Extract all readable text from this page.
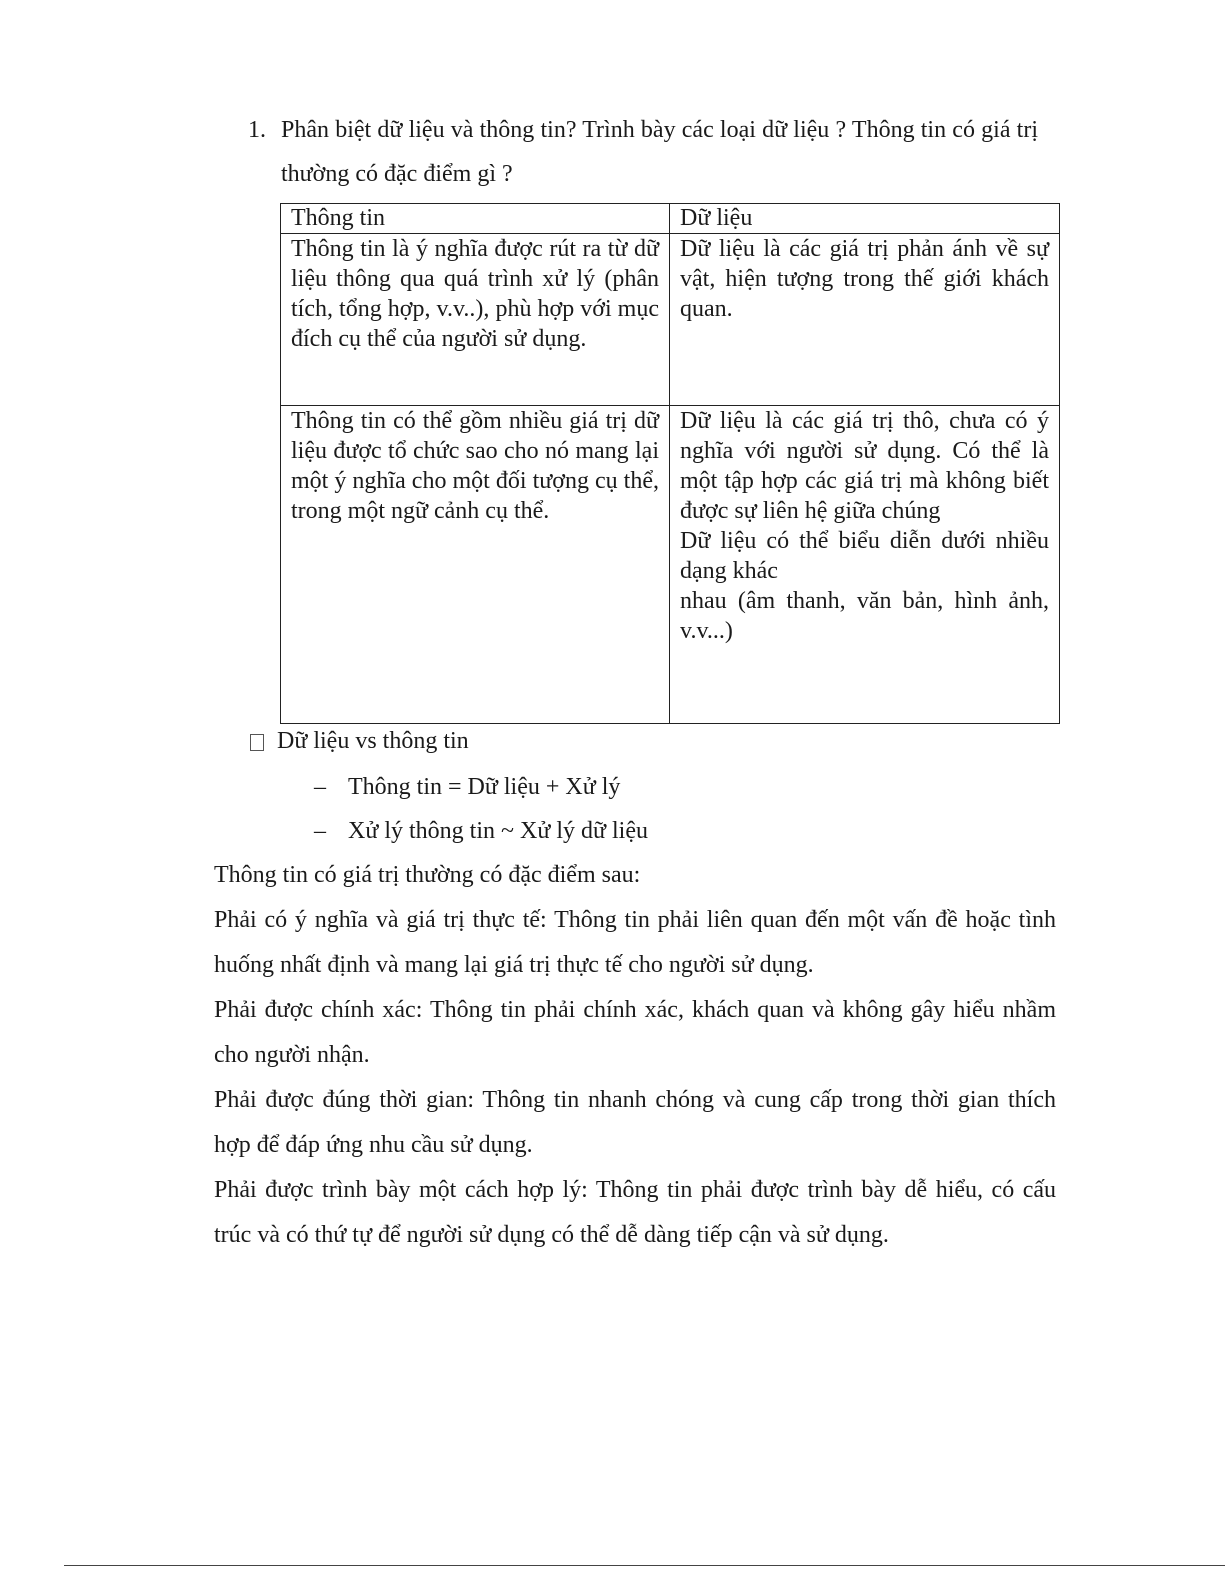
1. Phân biệt dữ liệu và thông tin? Trình bày các loại dữ liệu ? Thông tin có giá trị thường có đặc điểm gì ?
Thông tin	Dữ liệu

Thông tin là ý nghĩa được rút ra từ dữ liệu thông qua quá trình xử lý (phân tích, tổng hợp, v.v..), phù hợp với mục đích cụ thể của người sử dụng.	Dữ liệu là các giá trị phản ánh về sự vật, hiện tượng trong thế giới khách quan.

Thông tin có thể gồm nhiều giá trị dữ liệu được tổ chức sao cho nó mang lại một ý nghĩa cho một đối tượng cụ thể, trong một ngữ cảnh cụ thể.	Dữ liệu là các giá trị thô, chưa có ý nghĩa với người sử dụng. Có thể là một tập hợp các giá trị mà không biết được sự liên hệ giữa chúng

Dữ liệu có thể biểu diễn dưới nhiều dạng khác

nhau (âm thanh, văn bản, hình ảnh, v.v...)

Dữ liệu vs thông tin
– Thông tin = Dữ liệu + Xử lý
– Xử lý thông tin ~ Xử lý dữ liệu

Thông tin có giá trị thường có đặc điểm sau:

Phải có ý nghĩa và giá trị thực tế: Thông tin phải liên quan đến một vấn đề hoặc tình huống nhất định và mang lại giá trị thực tế cho người sử dụng.

Phải được chính xác: Thông tin phải chính xác, khách quan và không gây hiểu nhầm cho người nhận.

Phải được đúng thời gian: Thông tin nhanh chóng và cung cấp trong thời gian thích hợp để đáp ứng nhu cầu sử dụng.

Phải được trình bày một cách hợp lý: Thông tin phải được trình bày dễ hiểu, có cấu trúc và có thứ tự để người sử dụng có thể dễ dàng tiếp cận và sử dụng.
